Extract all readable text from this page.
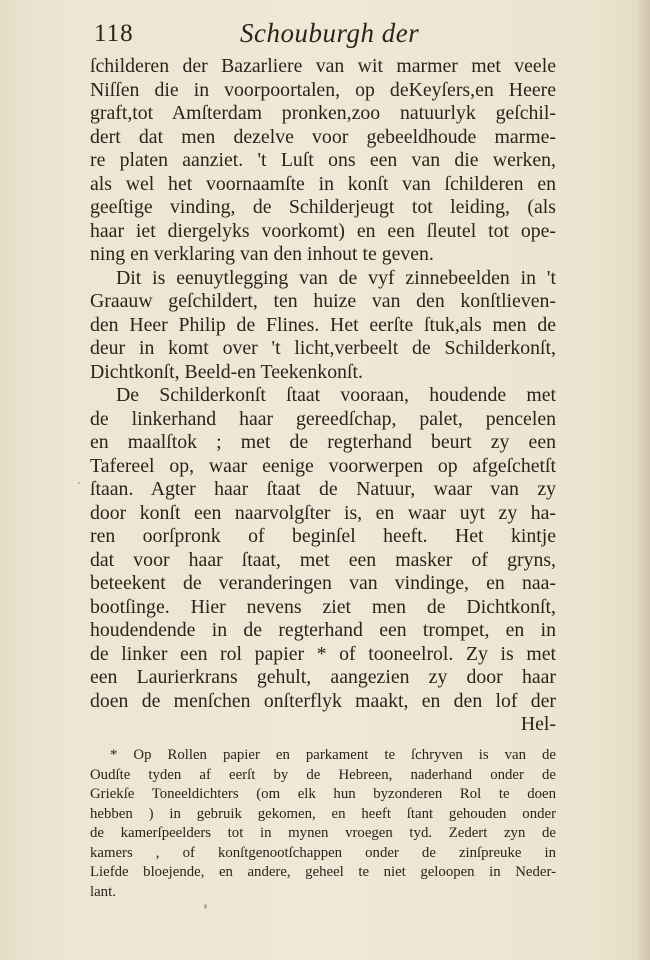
118	Schouburgh der
ſchilderen der Bazarliere van wit marmer met veele
Niſſen die in voorpoortalen, op deKeyſers,en Heere
graft,tot Amſterdam pronken,zoo natuurlyk geſchil-
dert dat men dezelve voor gebeeldhoude marme-
re platen aanziet. 't Luſt ons een van die werken,
als wel het voornaamſte in konſt van ſchilderen en
geeſtige vinding, de Schilderjeugt tot leiding, (als
haar iet diergelyks voorkomt) en een ſleutel tot ope-
ning en verklaring van den inhout te geven.
Dit is eenuytlegging van de vyf zinnebeelden in 't
Graauw geſchildert, ten huize van den konſtlieven-
den Heer Philip de Flines. Het eerſte ſtuk,als men de
deur in komt over 't licht,verbeelt de Schilderkonſt,
Dichtkonſt, Beeld-en Teekenkonſt.
De Schilderkonſt ſtaat vooraan, houdende met
de linkerhand haar gereedſchap, palet, pencelen
en maalſtok ; met de regterhand beurt zy een
Tafereel op, waar eenige voorwerpen op afgeſchetſt
ſtaan. Agter haar ſtaat de Natuur, waar van zy
door konſt een naarvolgſter is, en waar uyt zy ha-
ren oorſpronk of beginſel heeft. Het kintje
dat voor haar ſtaat, met een masker of gryns,
beteekent de veranderingen van vindinge, en naa-
bootſinge. Hier nevens ziet men de Dichtkonſt,
houdendende in de regterhand een trompet, en in
de linker een rol papier * of tooneelrol. Zy is met
een Laurierkrans gehult, aangezien zy door haar
doen de menſchen onſterflyk maakt, en den lof der
Hel-
* Op Rollen papier en parkament te ſchryven is van de
Oudſte tyden af eerſt by de Hebreen, naderhand onder de
Griekſe Toneeldichters (om elk hun byzonderen Rol te doen
hebben ) in gebruik gekomen, en heeft ſtant gehouden onder
de kamerſpeelders tot in mynen vroegen tyd. Zedert zyn de
kamers , of konſtgenootſchappen onder de zinſpreuke in
Liefde bloejende, en andere, geheel te niet geloopen in Neder-
lant.
